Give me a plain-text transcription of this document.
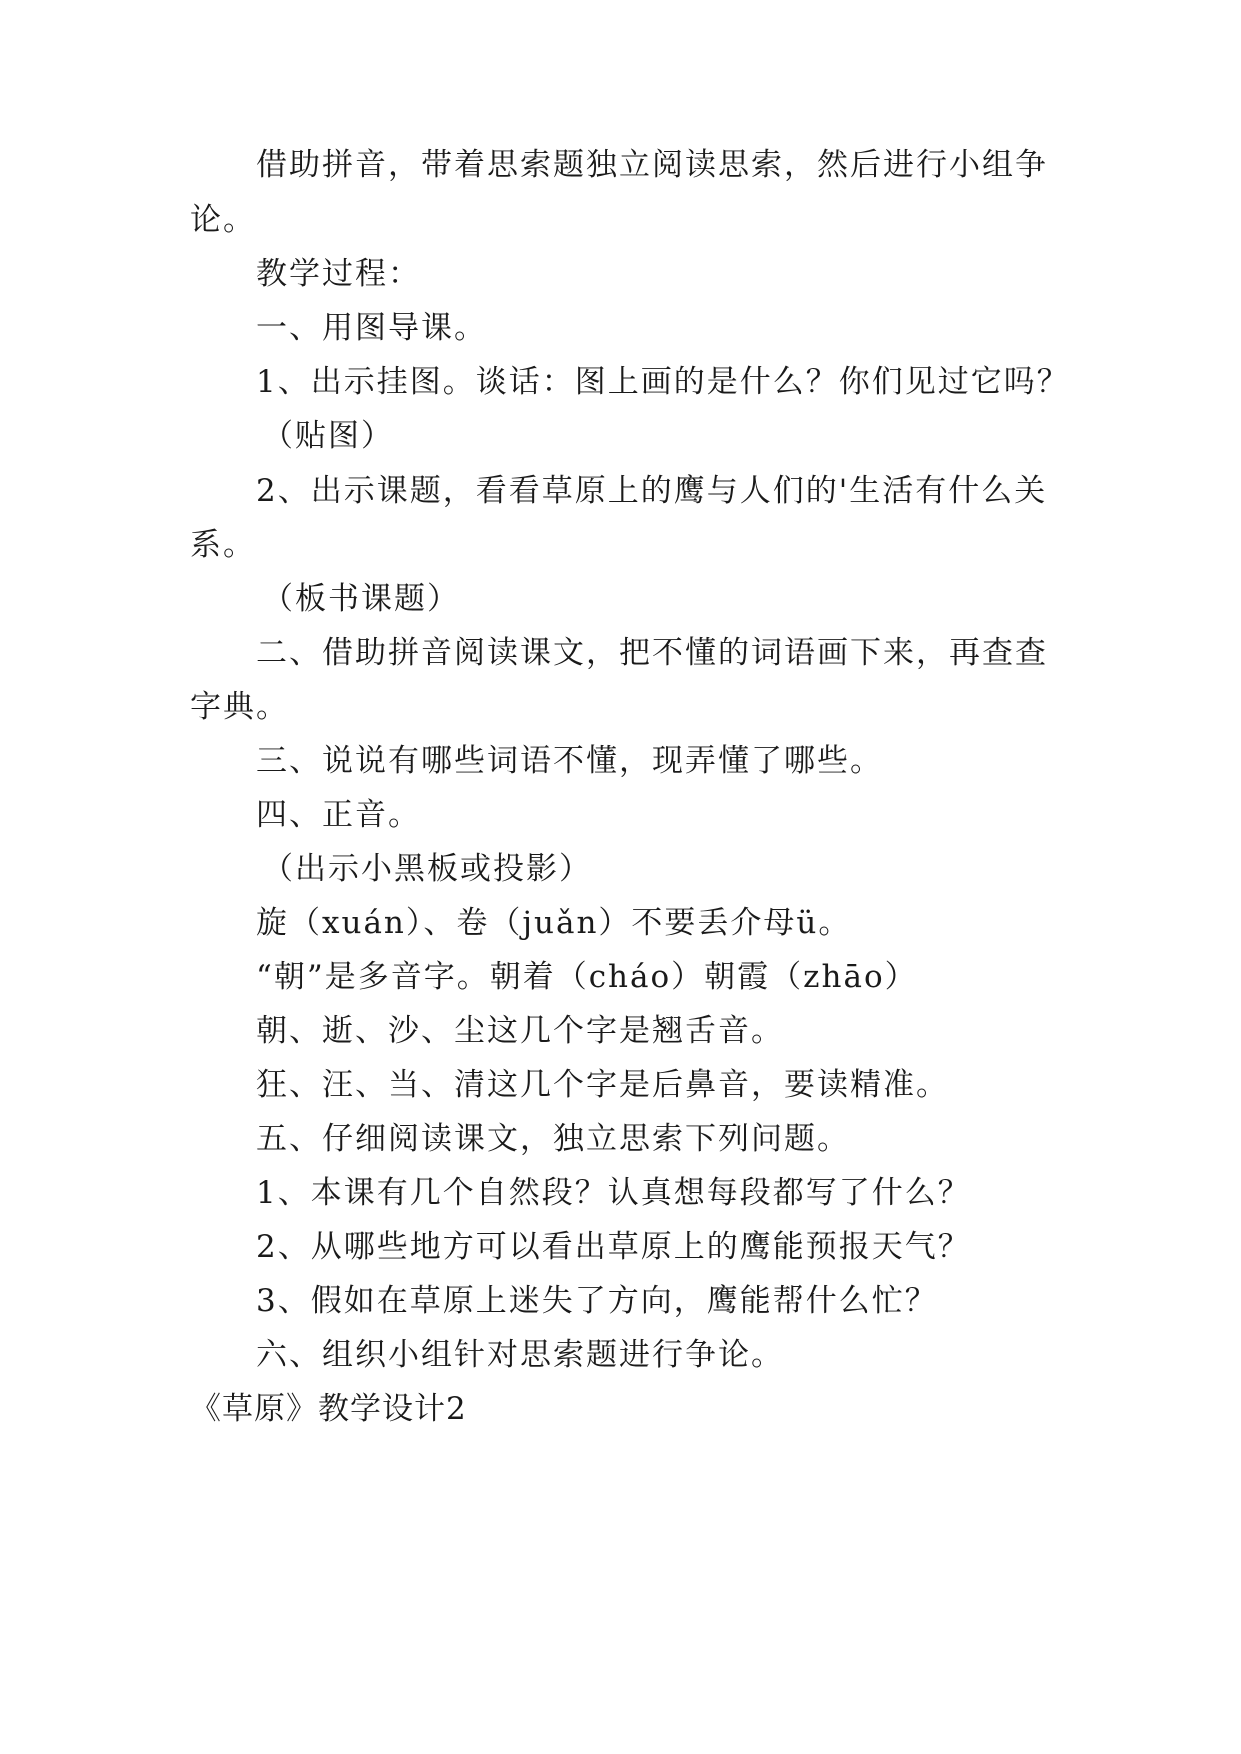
借助拼音，带着思索题独立阅读思索，然后进行小组争
论。
教学过程：
一、用图导课。
1、出示挂图。谈话：图上画的是什么？你们见过它吗？
（贴图）
2、出示课题，看看草原上的鹰与人们的'生活有什么关
系。
（板书课题）
二、借助拼音阅读课文，把不懂的词语画下来，再查查
字典。
三、说说有哪些词语不懂，现弄懂了哪些。
四、正音。
（出示小黑板或投影）
旋（xuán）、卷（juǎn）不要丢介母ü。
“朝”是多音字。朝着（cháo）朝霞（zhāo）
朝、逝、沙、尘这几个字是翘舌音。
狂、汪、当、清这几个字是后鼻音，要读精准。
五、仔细阅读课文，独立思索下列问题。
1、本课有几个自然段？认真想每段都写了什么？
2、从哪些地方可以看出草原上的鹰能预报天气？
3、假如在草原上迷失了方向，鹰能帮什么忙？
六、组织小组针对思索题进行争论。
《草原》教学设计2
